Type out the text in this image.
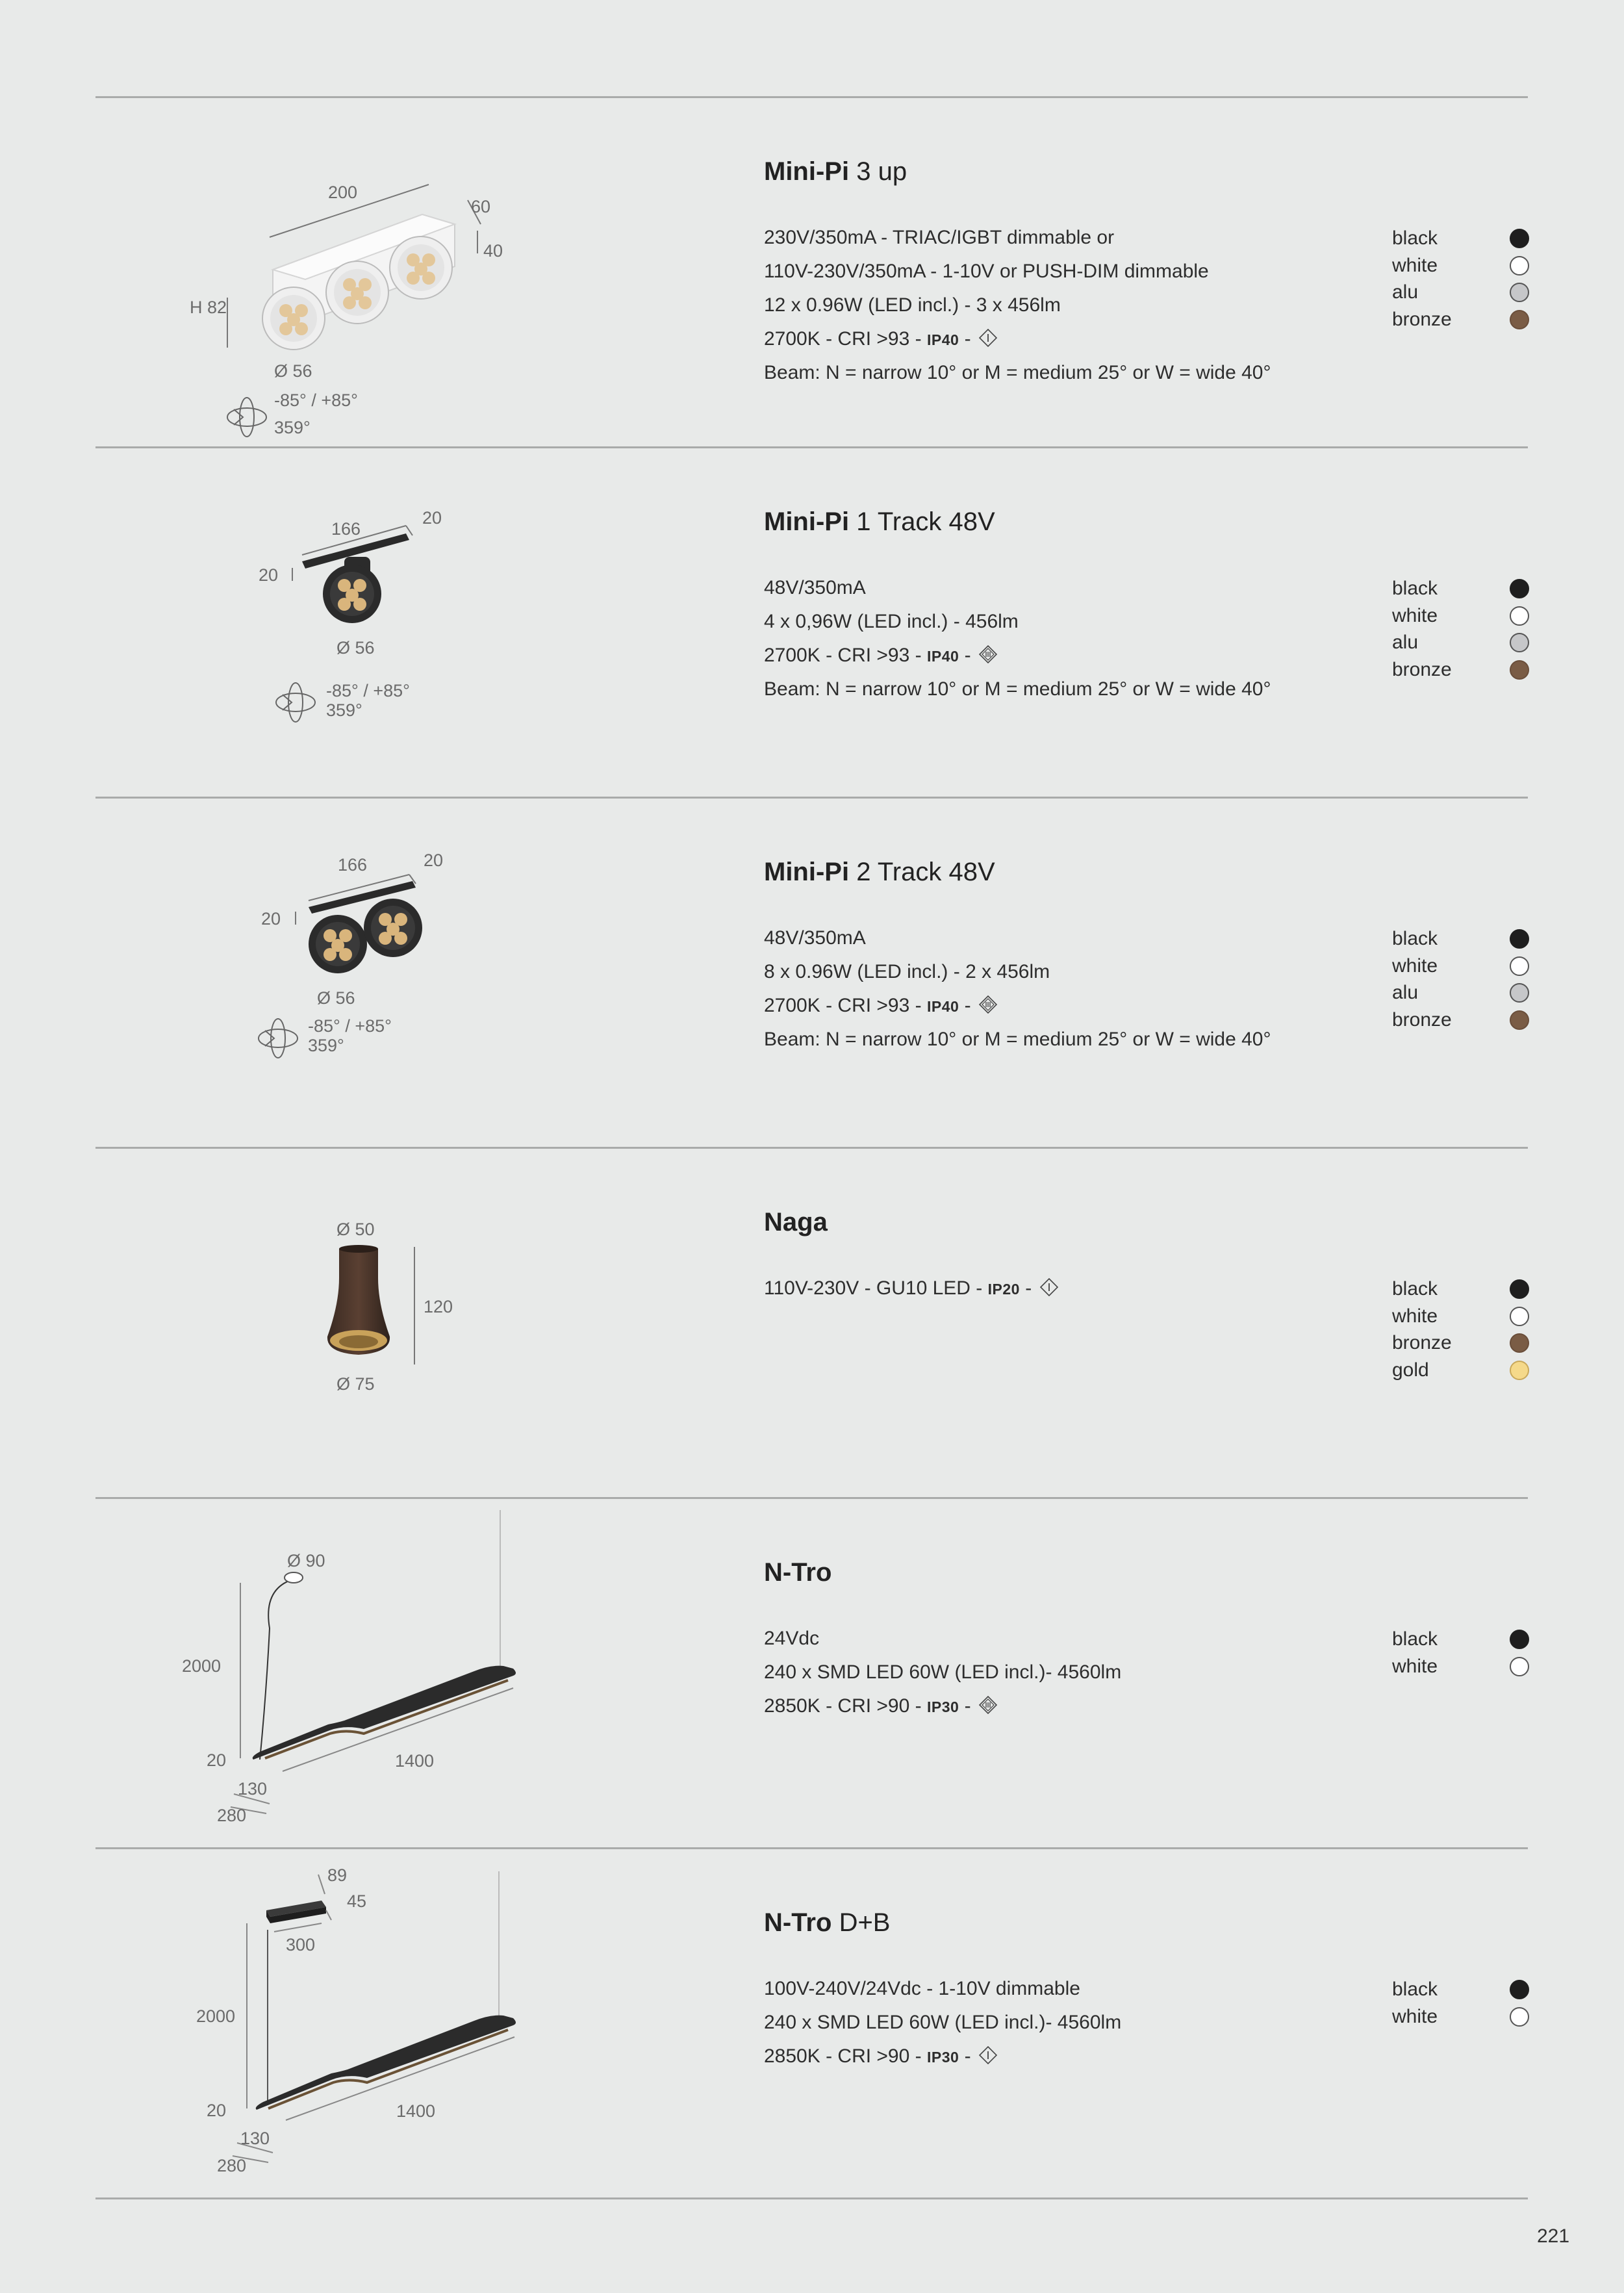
200
60
40
H 82
Ø 56
-85° / +85°
359°
Mini-Pi 3 up
230V/350mA - TRIAC/IGBT dimmable or
110V-230V/350mA - 1-10V or PUSH-DIM dimmable
12 x 0.96W (LED incl.) - 3 x 456lm
2700K - CRI >93 - IP40 -
Beam: N = narrow 10° or M = medium 25° or W = wide 40°
black
white
alu
bronze
166
20
20
Ø 56
-85° / +85°
359°
Mini-Pi 1 Track 48V
48V/350mA
4 x 0,96W (LED incl.) - 456lm
2700K - CRI >93 - IP40 -
Beam: N = narrow 10° or M = medium 25° or W = wide 40°
black
white
alu
bronze
166	20
20
Ø 56
-85° / +85°
359°
Mini-Pi 2 Track 48V
48V/350mA
8 x 0.96W (LED incl.) - 2 x 456lm
2700K - CRI >93 - IP40 -
Beam: N = narrow 10° or M = medium 25° or W = wide 40°
black
white
alu
bronze
Ø 50
120
Ø 75
Naga
110V-230V - GU10 LED - IP20 -	black
white
bronze
gold
Ø 90
2000
20	1400
130
280
N-Tro
24Vdc
240 x SMD LED 60W (LED incl.)- 4560lm
2850K - CRI >90 - IP30 -
black
white
89
45
300
2000
20	1400
130
280
N-Tro D+B
100V-240V/24Vdc - 1-10V dimmable
240 x SMD LED 60W (LED incl.)- 4560lm
2850K - CRI >90 - IP30 -
black
white
221
